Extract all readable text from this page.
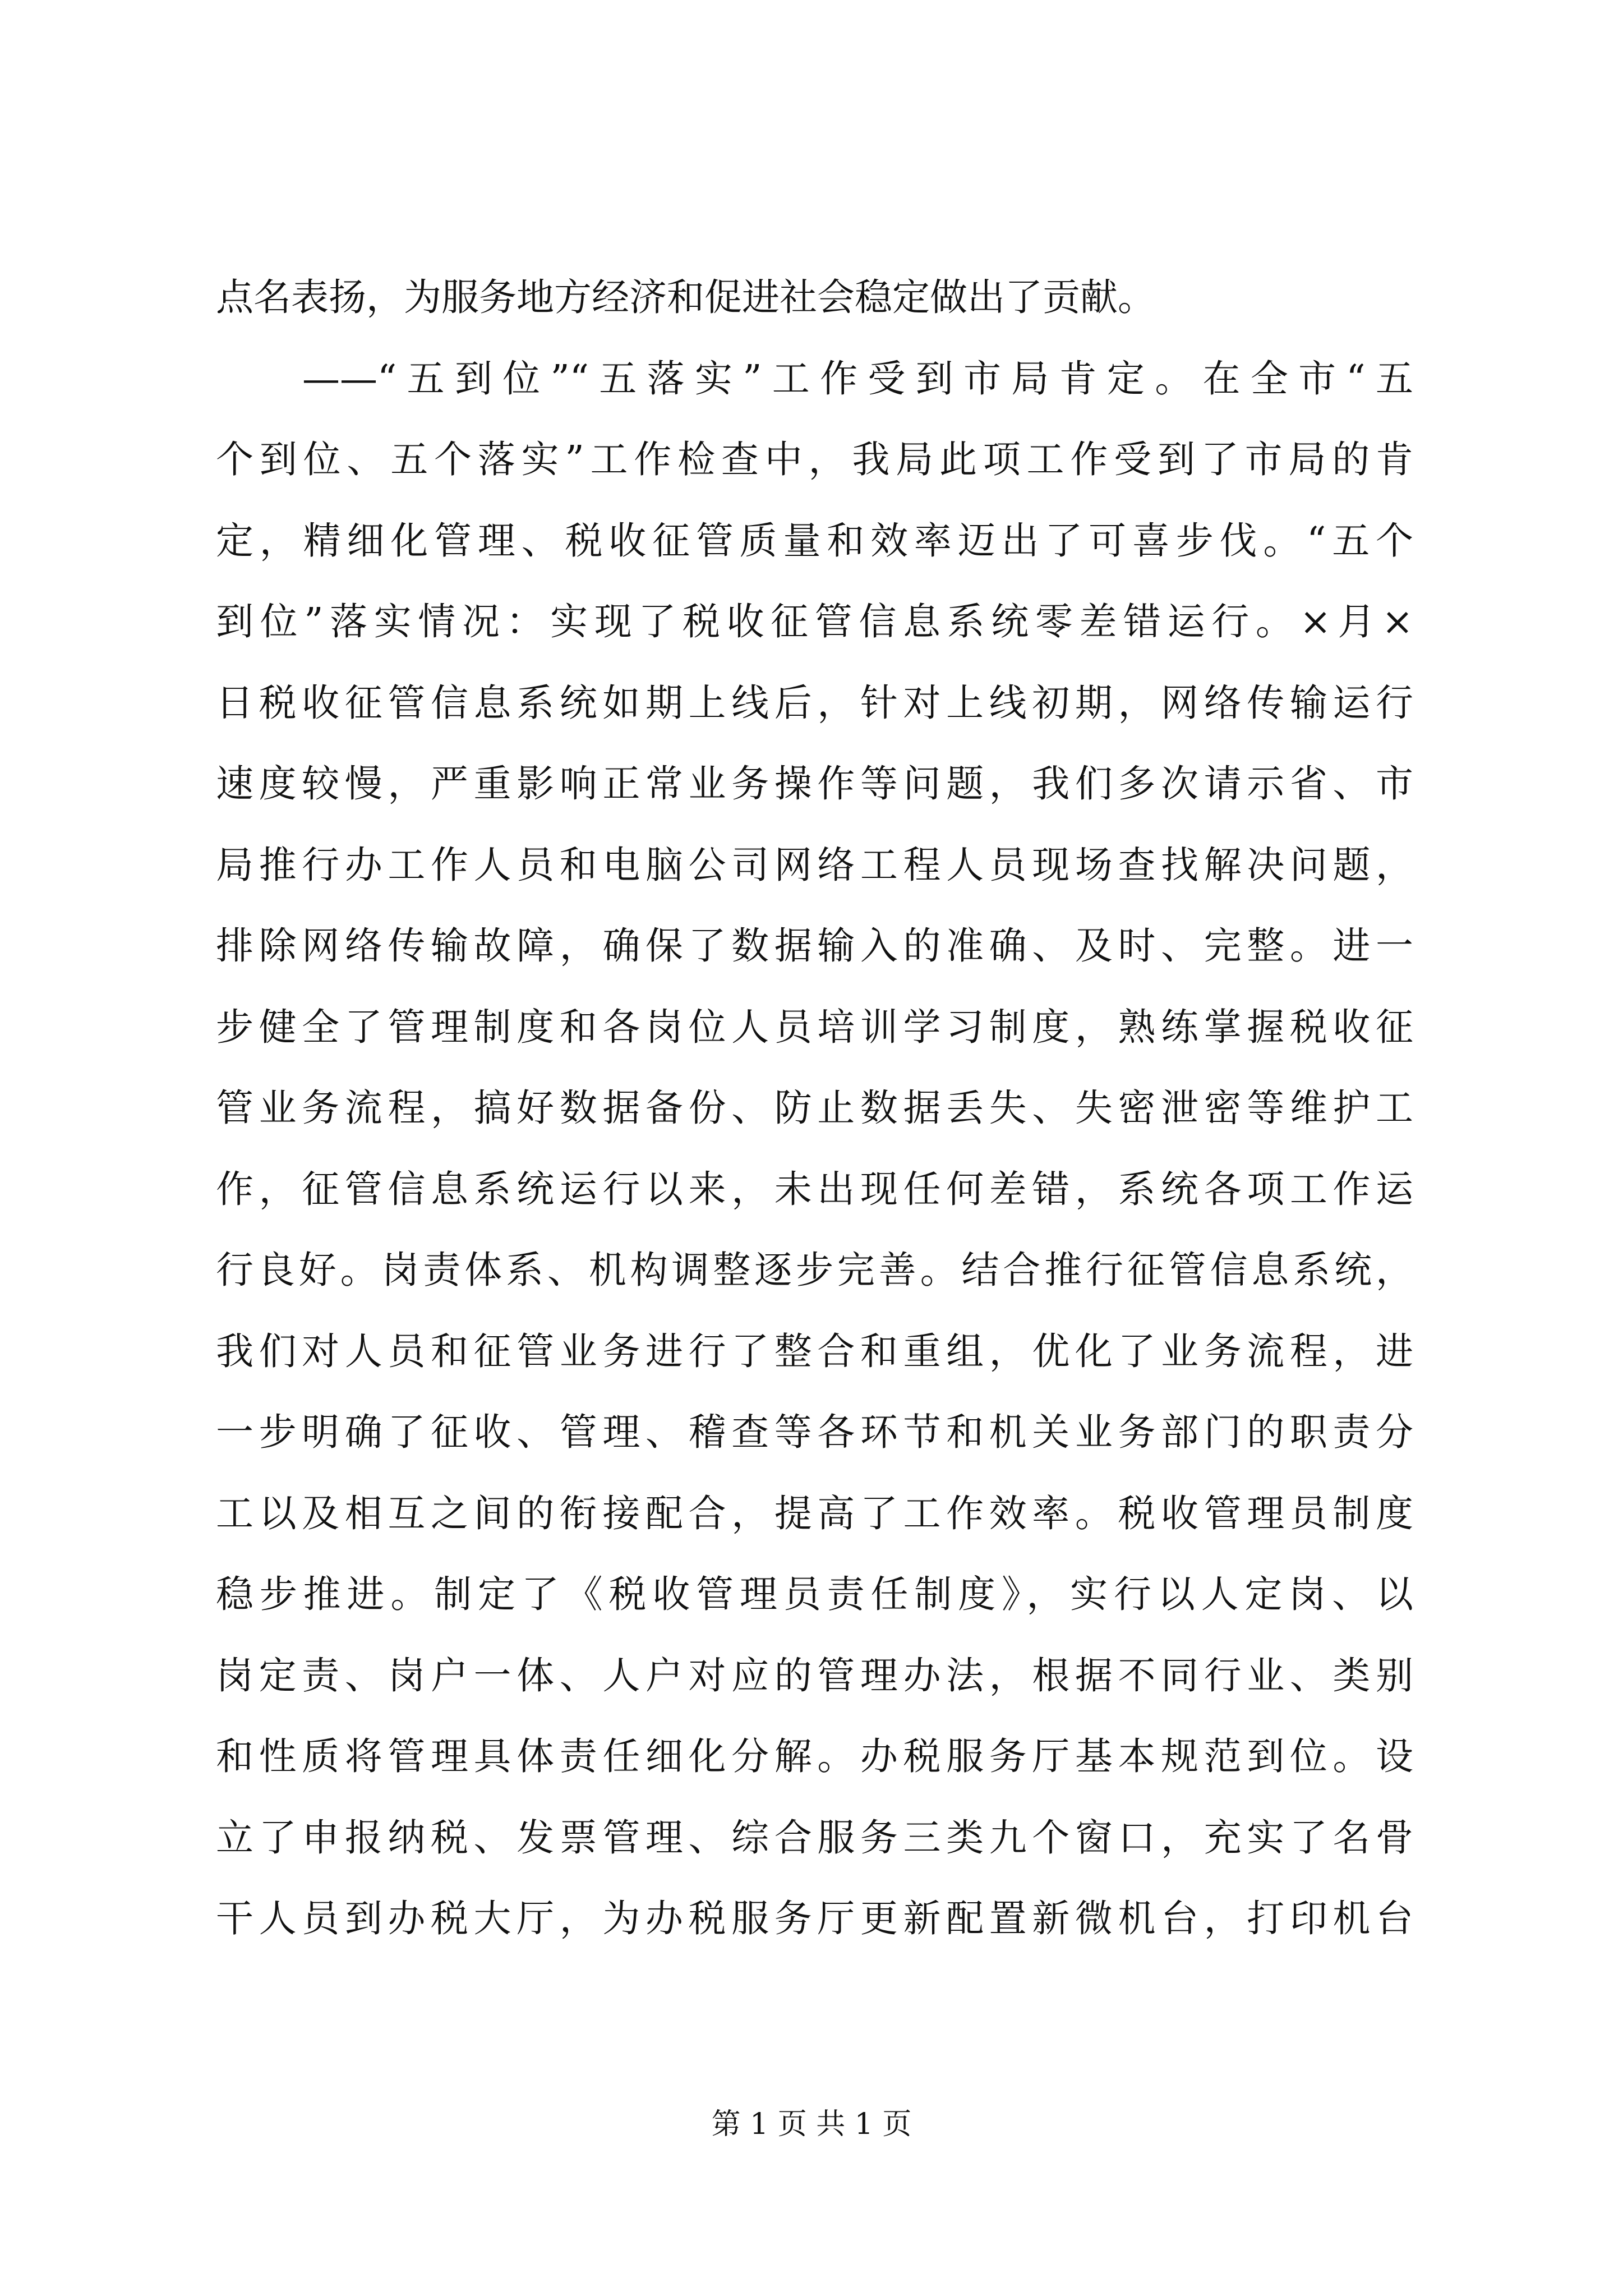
点名表扬，为服务地方经济和促进社会稳定做出了贡献。
——“五到位”“五落实”工作受到市局肯定。在全市“五
个到位、五个落实”工作检查中，我局此项工作受到了市局的肯
定，精细化管理、税收征管质量和效率迈出了可喜步伐。“五个
到位”落实情况：实现了税收征管信息系统零差错运行。×月×
日税收征管信息系统如期上线后，针对上线初期，网络传输运行
速度较慢，严重影响正常业务操作等问题，我们多次请示省、市
局推行办工作人员和电脑公司网络工程人员现场查找解决问题，
排除网络传输故障，确保了数据输入的准确、及时、完整。进一
步健全了管理制度和各岗位人员培训学习制度，熟练掌握税收征
管业务流程，搞好数据备份、防止数据丢失、失密泄密等维护工
作，征管信息系统运行以来，未出现任何差错，系统各项工作运
行良好。岗责体系、机构调整逐步完善。结合推行征管信息系统，
我们对人员和征管业务进行了整合和重组，优化了业务流程，进
一步明确了征收、管理、稽查等各环节和机关业务部门的职责分
工以及相互之间的衔接配合，提高了工作效率。税收管理员制度
稳步推进。制定了《税收管理员责任制度》，实行以人定岗、以
岗定责、岗户一体、人户对应的管理办法，根据不同行业、类别
和性质将管理具体责任细化分解。办税服务厅基本规范到位。设
立了申报纳税、发票管理、综合服务三类九个窗口，充实了名骨
干人员到办税大厅，为办税服务厅更新配置新微机台，打印机台
第 1 页 共 1 页
